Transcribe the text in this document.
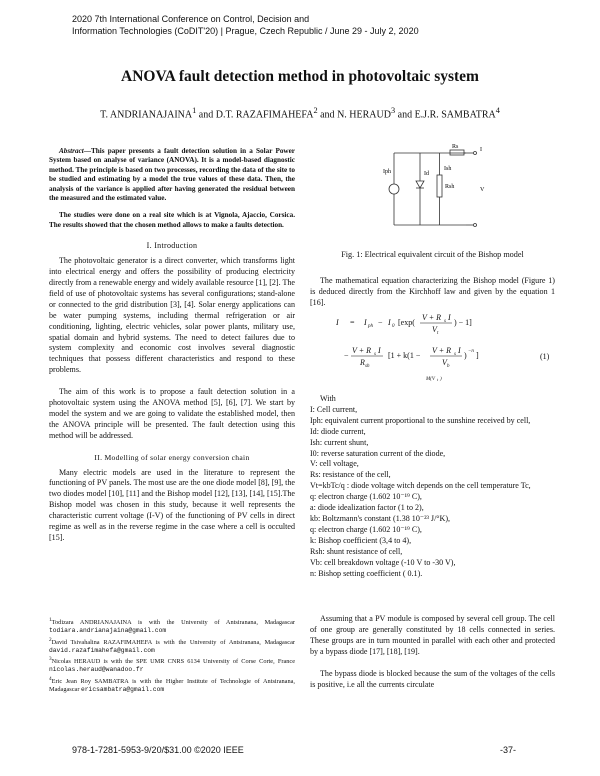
2020 7th International Conference on Control, Decision and
Information Technologies (CoDIT'20) | Prague, Czech Republic / June 29 - July 2, 2020
ANOVA fault detection method in photovoltaic system
T. ANDRIANAJAINA$^1$ and D.T. RAZAFIMAHEFA$^2$ and N. HERAUD$^3$ and E.J.R. SAMBATRA$^4$

Abstract—This paper presents a fault detection solution in a Solar Power System based on analyse of variance (ANOVA). It is a model-based diagnostic method. The principle is based on two processes, recording the data of the site to be studied and estimating by a model the true values of these data. Then, the analysis of the variance is applied after having generated the residual between the measured and the estimated value.

The studies were done on a real site which is at Vignola, Ajaccio, Corsica. The results showed that the chosen method allows to make a faults detection.

I. Introduction

The photovoltaic generator is a direct converter, which transforms light into electrical energy and offers the possibility of producing electricity directly from a renewable energy and widely available resource [1], [2]. The field of use of photovoltaic systems has several configurations; stand-alone or connected to the grid distribution [3], [4]. Solar energy applications can be water pumping systems, including thermal refrigeration or air conditioning, lighting, electric vehicles, solar power plants, military use, spatial domain and hybrid systems. The need to detect failures due to system complexity and economic cost involves several diagnostic techniques that possess different characteristics and respond to these problems.

The aim of this work is to propose a fault detection solution in a photovoltaic system using the ANOVA method [5], [6], [7]. We start by model the system and we are going to validate the established model, then the ANOVA principle will be presented. The fault detection using this method will be addressed.

II. Modelling of solar energy conversion chain

Many electric models are used in the literature to represent the functioning of PV panels. The most use are the one diode model [8], [9], the two diodes model [10], [11] and the Bishop model [12], [13], [14], [15].The Bishop model was chosen in this study, because it well represents the characteristic current voltage (I-V) of the functioning of PV cells in direct regime as well as in the reverse regime in the case where a cell is occulted [15].

$^1$Todizara ANDRIANAJAINA is with the University of Antsiranana, Madagascar todiara.andrianajaina@gmail.com
$^2$David Tsivahalina RAZAFIMAHEFA is with the University of Antsiranana, Madagascar david.razafimahefa@gmail.com
$^3$Nicolas HERAUD is with the SPE UMR CNRS 6134 University of Corse Corte, France nicolas.heraud@wanadoo.fr
$^4$Eric Jean Roy SAMBATRA is with the Higher Institute of Technologie of Antsiranana, Madagascar ericsambatra@gmail.com
Iph	Id
Ish
Rsh
Rs	I
V
Fig. 1: Electrical equivalent circuit of the Bishop model

The mathematical equation characterizing the Bishop model (Figure 1) is deduced directly from the Kirchhoff law and given by the equation 1 [16].

I = I ph − I 0 [exp(
V + R s I
V t
) − 1]
−
V + R s I
R sh
[1 + k(1 −
V + R s I
V b
) −n ]
M(V t )
(1)

With

I: Cell current,

Iph: equivalent current proportional to the sunshine received by cell,

Id: diode current,

Ish: current shunt,

I0: reverse saturation current of the diode,

V: cell voltage,

Rs: resistance of the cell,

Vt=kbTc/q : diode voltage witch depends on the cell temperature Tc,

q: electron charge (1.602 10⁻¹⁹ C),

a: diode idealization factor (1 to 2),

kb: Boltzmann's constant (1.38 10⁻²³ J/°K),

q: electron charge (1.602 10⁻¹⁹ C),

k: Bishop coefficient (3,4 to 4),

Rsh: shunt resistance of cell,

Vb: cell breakdown voltage (-10 V to -30 V),

n: Bishop setting coefficient ( 0.1).

Assuming that a PV module is composed by several cell group. The cell of one group are generally constituted by 18 cells connected in series. These groups are in turn mounted in parallel with each other and protected by a bypass diode [17], [18], [19].

The bypass diode is blocked because the sum of the voltages of the cells is positive, i.e all the currents circulate

978-1-7281-5953-9/20/$31.00 ©2020 IEEE	-37-
